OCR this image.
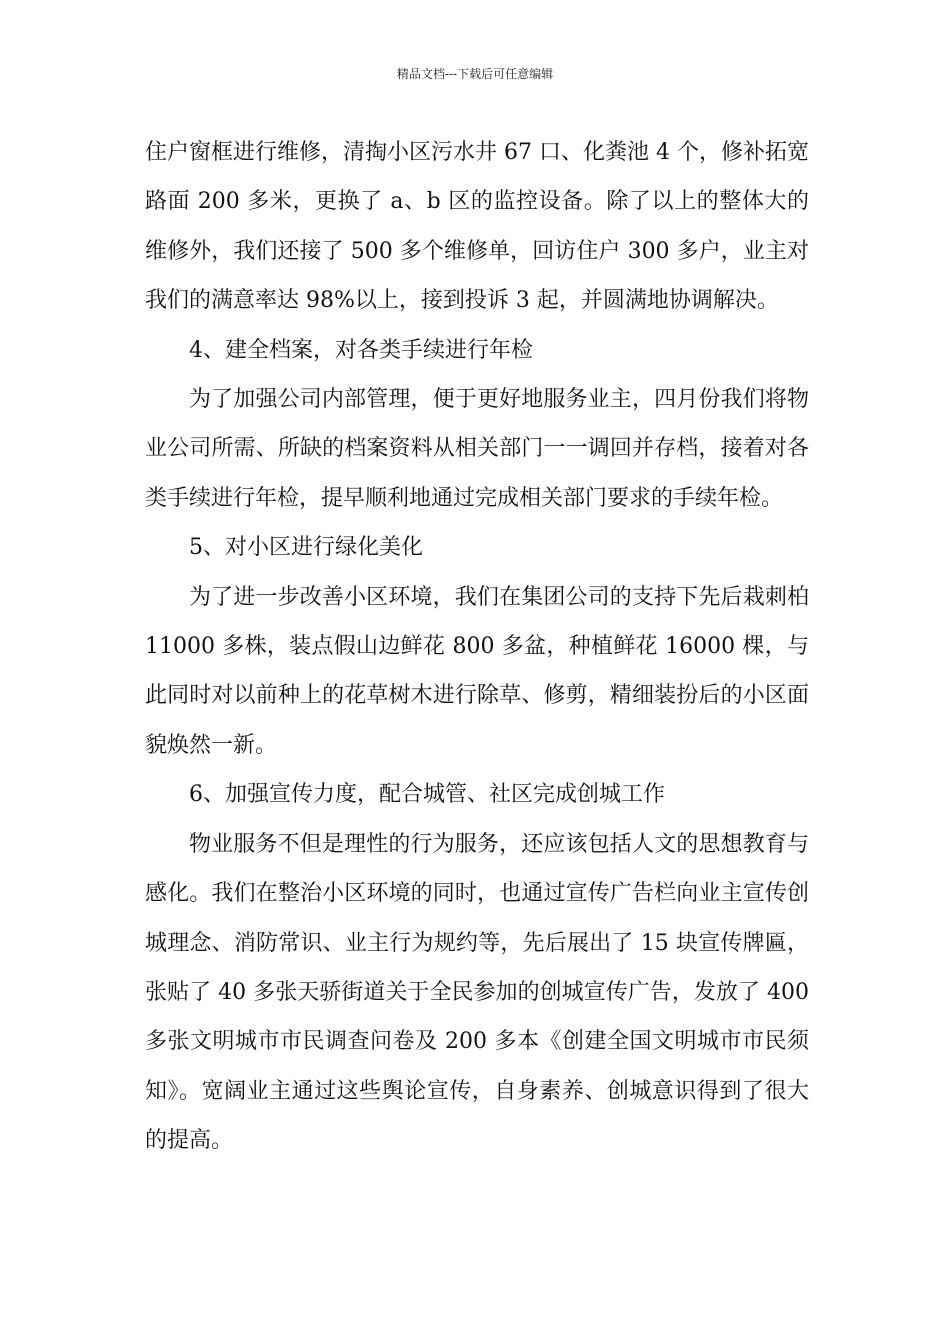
精品文档---下载后可任意编辑

住户窗框进行维修，清掏小区污水井 67 口、化粪池 4 个，修补拓宽路面 200 多米，更换了 a、b 区的监控设备。除了以上的整体大的维修外，我们还接了 500 多个维修单，回访住户 300 多户，业主对我们的满意率达 98%以上，接到投诉 3 起，并圆满地协调解决。

4、建全档案，对各类手续进行年检

为了加强公司内部管理，便于更好地服务业主，四月份我们将物业公司所需、所缺的档案资料从相关部门一一调回并存档，接着对各类手续进行年检，提早顺利地通过完成相关部门要求的手续年检。

5、对小区进行绿化美化

为了进一步改善小区环境，我们在集团公司的支持下先后栽刺柏 11000 多株，装点假山边鲜花 800 多盆，种植鲜花 16000 棵，与此同时对以前种上的花草树木进行除草、修剪，精细装扮后的小区面貌焕然一新。

6、加强宣传力度，配合城管、社区完成创城工作

物业服务不但是理性的行为服务，还应该包括人文的思想教育与感化。我们在整治小区环境的同时，也通过宣传广告栏向业主宣传创城理念、消防常识、业主行为规约等，先后展出了 15 块宣传牌匾，张贴了 40 多张天骄街道关于全民参加的创城宣传广告，发放了 400 多张文明城市市民调查问卷及 200 多本《创建全国文明城市市民须知》。宽阔业主通过这些舆论宣传，自身素养、创城意识得到了很大的提高。
